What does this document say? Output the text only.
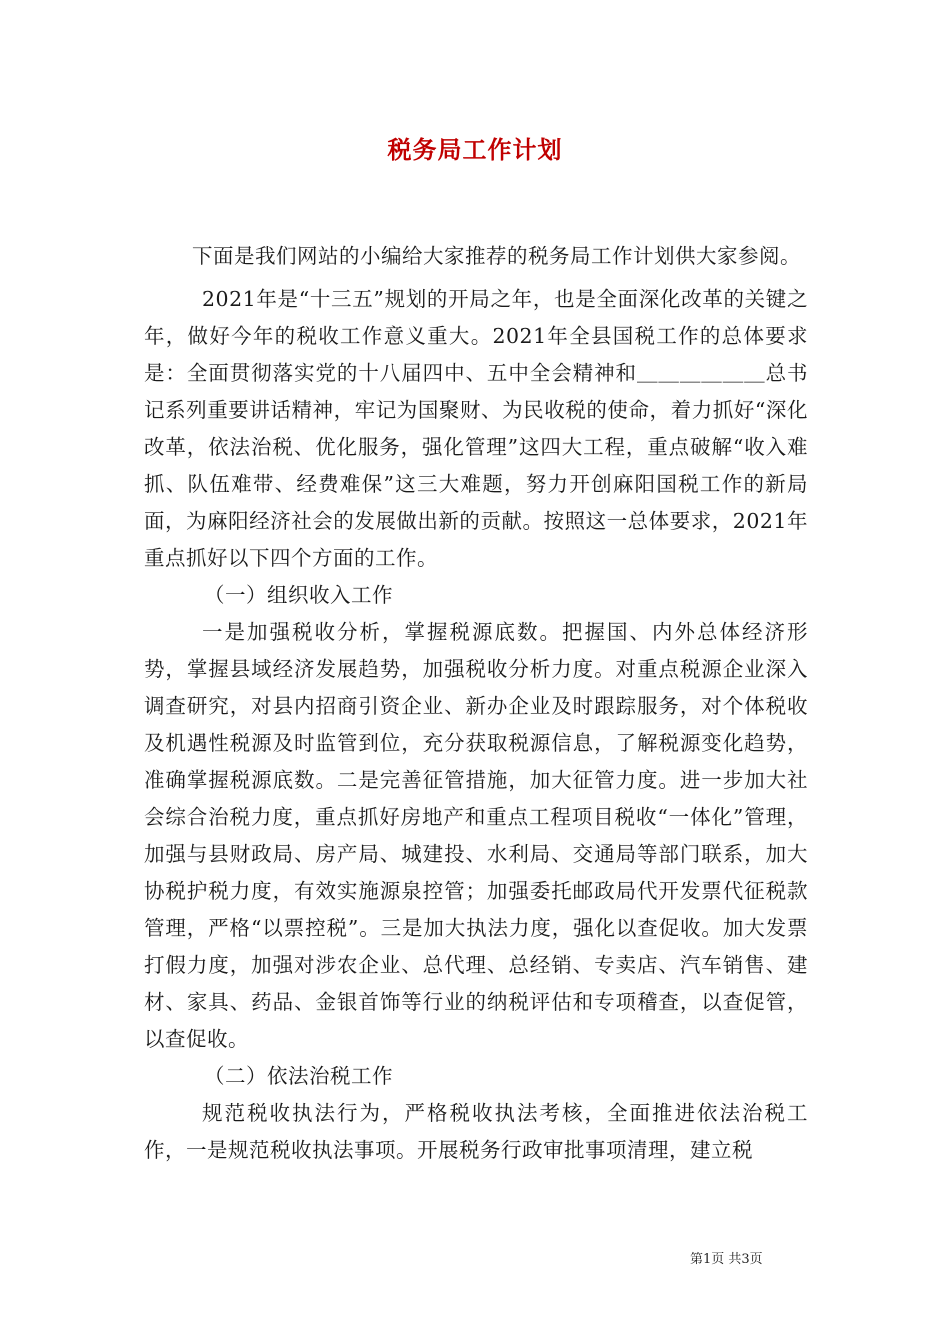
税务局工作计划

下面是我们网站的小编给大家推荐的税务局工作计划供大家参阅。

2021年是“十三五”规划的开局之年，也是全面深化改革的关键之年，做好今年的税收工作意义重大。2021年全县国税工作的总体要求是：全面贯彻落实党的十八届四中、五中全会精神和＿＿＿＿＿＿总书记系列重要讲话精神，牢记为国聚财、为民收税的使命，着力抓好“深化改革，依法治税、优化服务，强化管理”这四大工程，重点破解“收入难抓、队伍难带、经费难保”这三大难题，努力开创麻阳国税工作的新局面，为麻阳经济社会的发展做出新的贡献。按照这一总体要求，2021年重点抓好以下四个方面的工作。

（一）组织收入工作

一是加强税收分析，掌握税源底数。把握国、内外总体经济形势，掌握县域经济发展趋势，加强税收分析力度。对重点税源企业深入调查研究，对县内招商引资企业、新办企业及时跟踪服务，对个体税收及机遇性税源及时监管到位，充分获取税源信息，了解税源变化趋势，准确掌握税源底数。二是完善征管措施，加大征管力度。进一步加大社会综合治税力度，重点抓好房地产和重点工程项目税收“一体化”管理，加强与县财政局、房产局、城建投、水利局、交通局等部门联系，加大协税护税力度，有效实施源泉控管；加强委托邮政局代开发票代征税款管理，严格“以票控税”。三是加大执法力度，强化以查促收。加大发票打假力度，加强对涉农企业、总代理、总经销、专卖店、汽车销售、建材、家具、药品、金银首饰等行业的纳税评估和专项稽查，以查促管，以查促收。

（二）依法治税工作

规范税收执法行为，严格税收执法考核，全面推进依法治税工作，一是规范税收执法事项。开展税务行政审批事项清理，建立税

第1页 共3页
